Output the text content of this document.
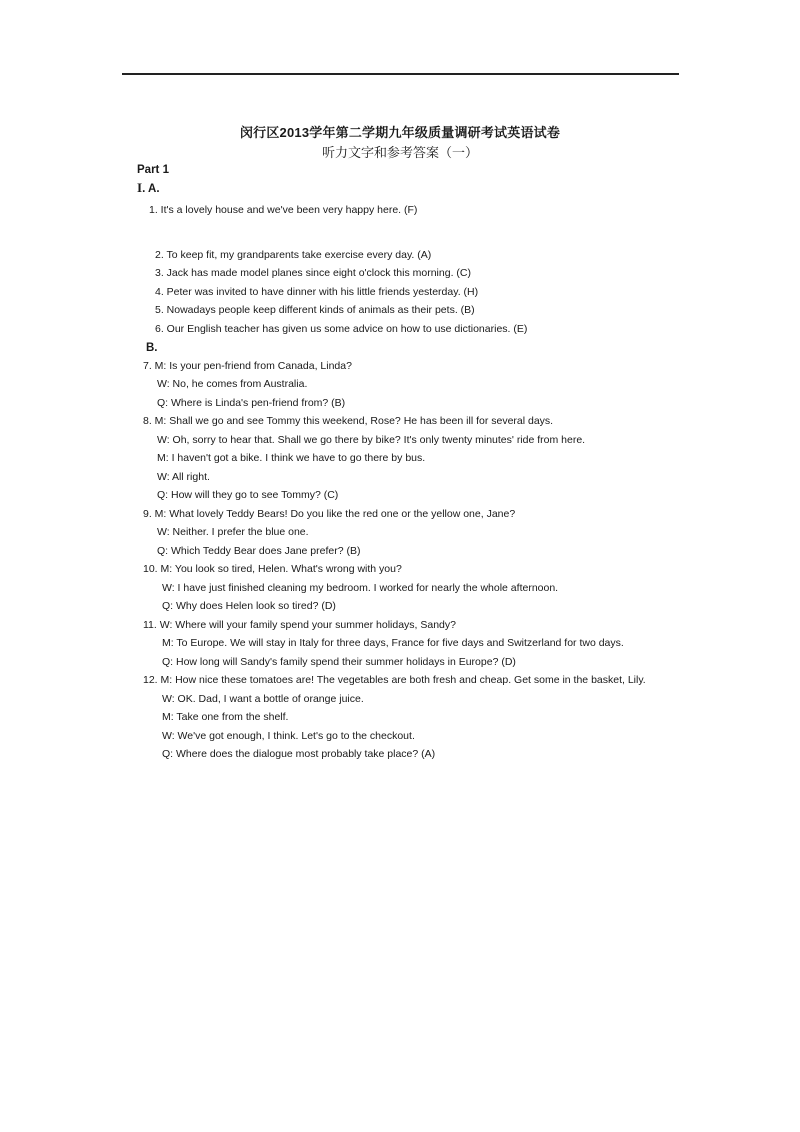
闵行区2013学年第二学期九年级质量调研考试英语试卷
听力文字和参考答案（一）
Part 1
I. A.
1. It's a lovely house and we've been very happy here. (F)
2. To keep fit, my grandparents take exercise every day. (A)
3. Jack has made model planes since eight o'clock this morning. (C)
4. Peter was invited to have dinner with his little friends yesterday. (H)
5. Nowadays people keep different kinds of animals as their pets. (B)
6. Our English teacher has given us some advice on how to use dictionaries. (E)
B.
7. M: Is your pen-friend from Canada, Linda?
W: No, he comes from Australia.
Q: Where is Linda's pen-friend from? (B)
8. M: Shall we go and see Tommy this weekend, Rose? He has been ill for several days.
W: Oh, sorry to hear that. Shall we go there by bike? It's only twenty minutes' ride from here.
M: I haven't got a bike. I think we have to go there by bus.
W: All right.
Q: How will they go to see Tommy? (C)
9. M: What lovely Teddy Bears! Do you like the red one or the yellow one, Jane?
W: Neither. I prefer the blue one.
Q: Which Teddy Bear does Jane prefer? (B)
10. M: You look so tired, Helen. What's wrong with you?
W: I have just finished cleaning my bedroom. I worked for nearly the whole afternoon.
Q: Why does Helen look so tired? (D)
11. W: Where will your family spend your summer holidays, Sandy?
M: To Europe. We will stay in Italy for three days, France for five days and Switzerland for two days.
Q: How long will Sandy's family spend their summer holidays in Europe? (D)
12. M: How nice these tomatoes are! The vegetables are both fresh and cheap. Get some in the basket, Lily.
W: OK. Dad, I want a bottle of orange juice.
M: Take one from the shelf.
W: We've got enough, I think. Let's go to the checkout.
Q: Where does the dialogue most probably take place? (A)
